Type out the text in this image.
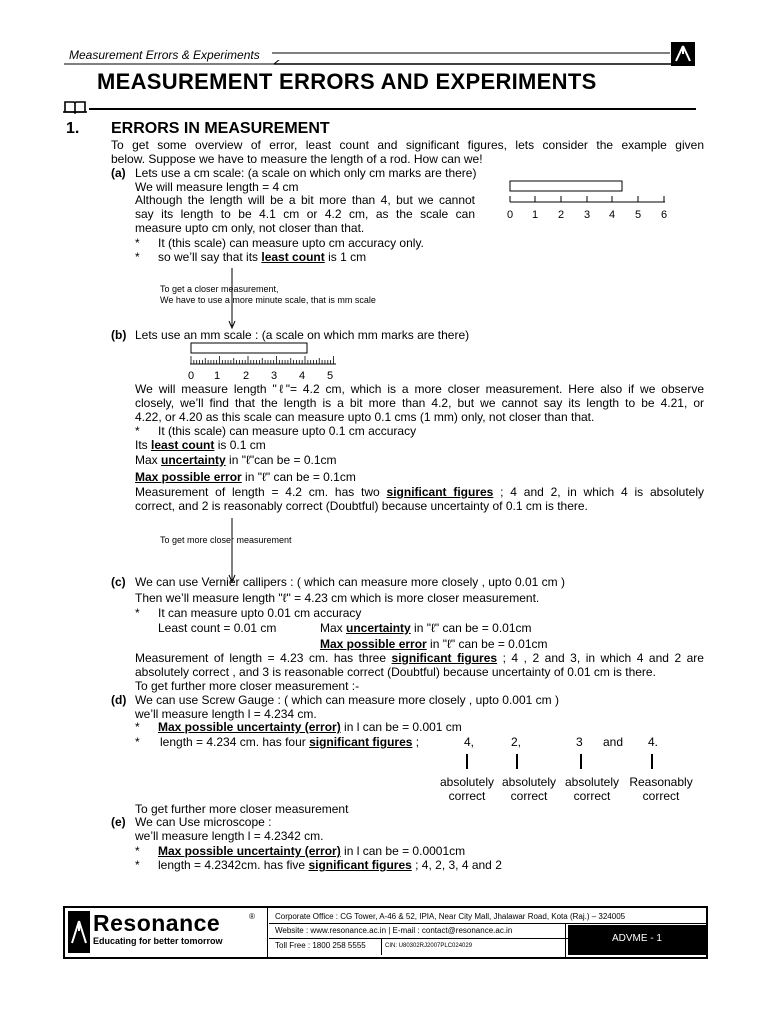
Measurement Errors & Experiments
MEASUREMENT ERRORS AND EXPERIMENTS
1. ERRORS IN MEASUREMENT
To get some overview of error, least count and significant figures, lets consider the example given
below. Suppose we have to measure the length of a rod. How can we!
(a) Lets use a cm scale: (a scale on which only cm marks are there)
We will measure length = 4 cm
Although the length will be a bit more than 4, but we cannot
say its length to be 4.1 cm or 4.2 cm, as the scale can
measure upto cm only, not closer than that.
* It (this scale) can measure upto cm accuracy only.
* so we’ll say that its least count is 1 cm
0 1 2 3 4 5 6
To get a closer measurement,
We have to use a more minute scale, that is mm scale
(b) Lets use an mm scale : (a scale on which mm marks are there)
0 1 2 3 4 5
We will measure length "ℓ"= 4.2 cm, which is a more closer measurement. Here also if we observe
closely, we’ll find that the length is a bit more than 4.2, but we cannot say its length to be 4.21, or
4.22, or 4.20 as this scale can measure upto 0.1 cms (1 mm) only, not closer than that.
* It (this scale) can measure upto 0.1 cm accuracy
Its least count is 0.1 cm
Max uncertainty in "ℓ"can be = 0.1cm
Max possible error in "ℓ" can be = 0.1cm
Measurement of length = 4.2 cm. has two significant figures ; 4 and 2, in which 4 is absolutely
correct, and 2 is reasonably correct (Doubtful) because uncertainty of 0.1 cm is there.
To get more closer measurement
(c) We can use Vernier callipers : ( which can measure more closely , upto 0.01 cm )
Then we’ll measure length "ℓ" = 4.23 cm which is more closer measurement.
* It can measure upto 0.01 cm accuracy
Least count = 0.01 cm	Max uncertainty in "ℓ" can be = 0.01cm
Max possible error in "ℓ" can be = 0.01cm
Measurement of length = 4.23 cm. has three significant figures ; 4 , 2 and 3, in which 4 and 2 are
absolutely correct , and 3 is reasonable correct (Doubtful) because uncertainty of 0.01 cm is there.
To get further more closer measurement :-
(d) We can use Screw Gauge : ( which can measure more closely , upto 0.001 cm )
we’ll measure length l = 4.234 cm.
* Max possible uncertainty (error) in l can be = 0.001 cm
* length = 4.234 cm. has four significant figures ;	4,	2,	3 and 4.
absolutely
correct
absolutely
correct
absolutely
correct
Reasonably
correct
To get further more closer measurement
(e) We can Use microscope :
we’ll measure length l = 4.2342 cm.
* Max possible uncertainty (error) in l can be = 0.0001cm
* length = 4.2342cm. has five significant figures ; 4, 2, 3, 4 and 2
Resonance	®
Educating for better tomorrow
Corporate Office : CG Tower, A-46 & 52, IPIA, Near City Mall, Jhalawar Road, Kota (Raj.) – 324005
Website : www.resonance.ac.in | E-mail : contact@resonance.ac.in
Toll Free : 1800 258 5555	CIN: U80302RJ2007PLC024029
ADVME - 1
